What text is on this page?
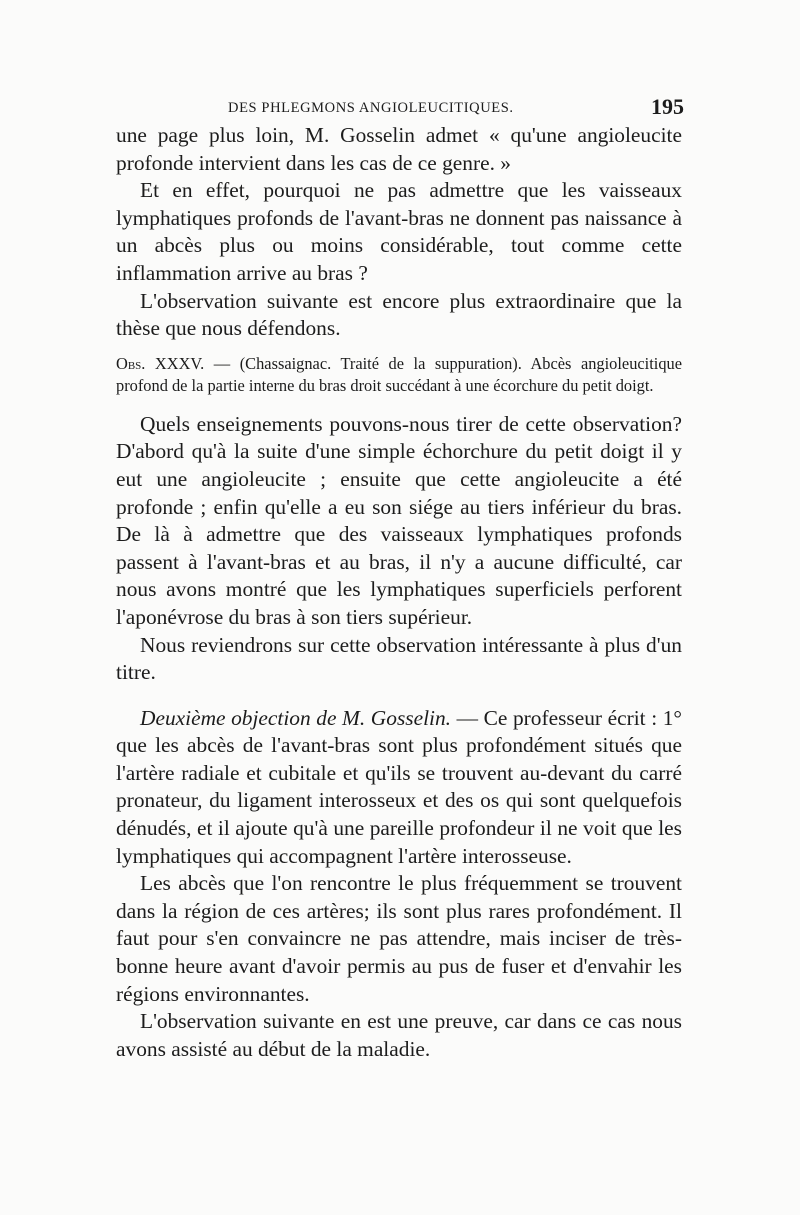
DES PHLEGMONS ANGIOLEUCITIQUES.	195

une page plus loin, M. Gosselin admet « qu'une angioleucite profonde intervient dans les cas de ce genre. »

Et en effet, pourquoi ne pas admettre que les vaisseaux lymphatiques profonds de l'avant-bras ne donnent pas naissance à un abcès plus ou moins considérable, tout comme cette inflammation arrive au bras ?

L'observation suivante est encore plus extraordinaire que la thèse que nous défendons.

Obs. XXXV. — (Chassaignac. Traité de la suppuration). Abcès angioleucitique profond de la partie interne du bras droit succédant à une écorchure du petit doigt.

Quels enseignements pouvons-nous tirer de cette observation? D'abord qu'à la suite d'une simple échorchure du petit doigt il y eut une angioleucite ; ensuite que cette angioleucite a été profonde ; enfin qu'elle a eu son siége au tiers inférieur du bras. De là à admettre que des vaisseaux lymphatiques profonds passent à l'avant-bras et au bras, il n'y a aucune difficulté, car nous avons montré que les lymphatiques superficiels perforent l'aponévrose du bras à son tiers supérieur.

Nous reviendrons sur cette observation intéressante à plus d'un titre.

Deuxième objection de M. Gosselin. — Ce professeur écrit : 1° que les abcès de l'avant-bras sont plus profondément situés que l'artère radiale et cubitale et qu'ils se trouvent au-devant du carré pronateur, du ligament interosseux et des os qui sont quelquefois dénudés, et il ajoute qu'à une pareille profondeur il ne voit que les lymphatiques qui accompagnent l'artère interosseuse.

Les abcès que l'on rencontre le plus fréquemment se trouvent dans la région de ces artères; ils sont plus rares profondément. Il faut pour s'en convaincre ne pas attendre, mais inciser de très-bonne heure avant d'avoir permis au pus de fuser et d'envahir les régions environnantes.

L'observation suivante en est une preuve, car dans ce cas nous avons assisté au début de la maladie.
